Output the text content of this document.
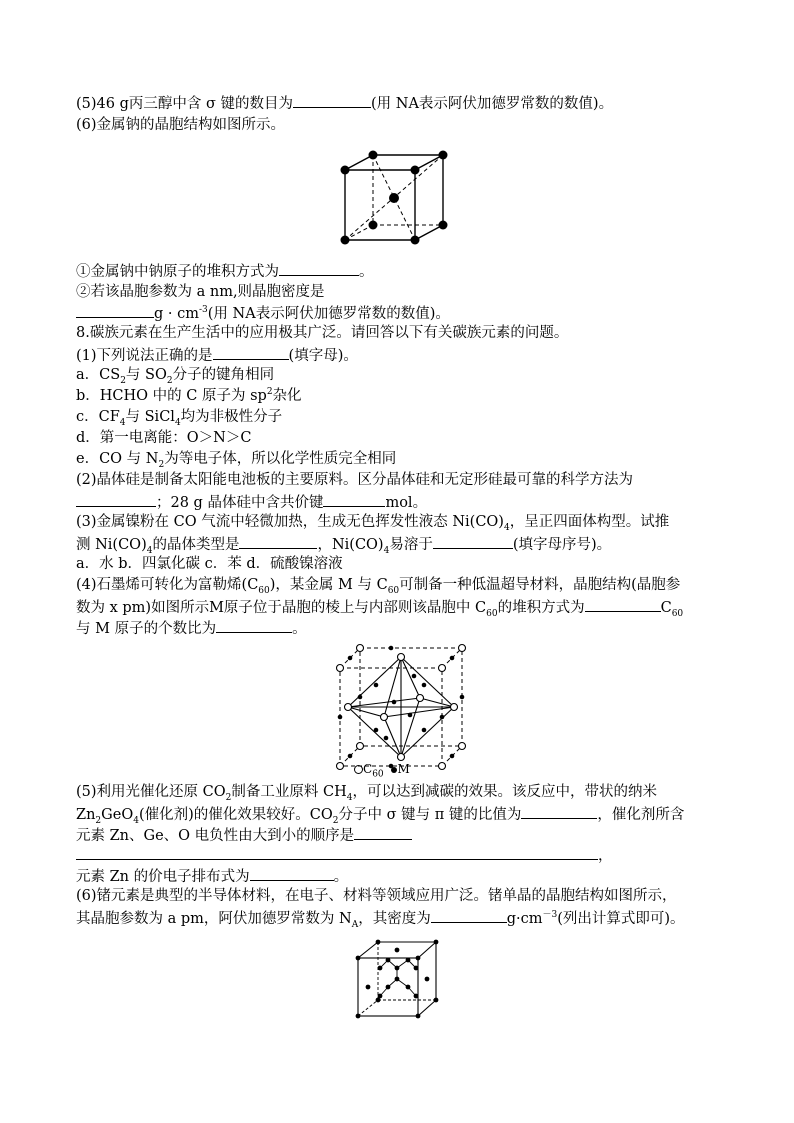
(5)46 g丙三醇中含 σ 键的数目为	(用 NA表示阿伏加德罗常数的数值)。
(6)金属钠的晶胞结构如图所示。
①金属钠中钠原子的堆积方式为	。
②若该晶胞参数为 a nm,则晶胞密度是
$g \cdot cm^{-3}$(用 NA表示阿伏加德罗常数的数值)。
8.碳族元素在生产生活中的应用极其广泛。请回答以下有关碳族元素的问题。
(1)下列说法正确的是	(填字母)。
a．$CS_2$与 $SO_2$分子的键角相同
b．HCHO 中的 C 原子为 $sp^2$杂化
c．$CF_4$与 SiCl$_4$均为非极性分子
d．第一电离能：O＞N＞C
e．CO 与 $N_2$为等电子体，所以化学性质完全相同
(2)晶体硅是制备太阳能电池板的主要原料。区分晶体硅和无定形硅最可靠的科学方法为
；28 g 晶体硅中含共价键	mol。
(3)金属镍粉在 CO 气流中轻微加热，生成无色挥发性液态 $Ni(CO)_4$，呈正四面体构型。试推
测 $Ni(CO)_4$的晶体类型是	，$Ni(CO)_4$易溶于	(填字母序号)。
a．水 b．四氯化碳 c．苯 d．硫酸镍溶液
(4)石墨烯可转化为富勒烯$(C_{60})$，某金属 M 与 $C_{60}$可制备一种低温超导材料，晶胞结构(晶胞参
数为 x pm)如图所示M原子位于晶胞的棱上与内部则该晶胞中 $C_{60}$的堆积方式为	$C_{60}$
与 M 原子的个数比为	。
$C_{60}$ M
(5)利用光催化还原 $CO_2$制备工业原料 $CH_4$，可以达到减碳的效果。该反应中，带状的纳米
$Zn_2GeO_4$(催化剂)的催化效果较好。$CO_2$分子中 σ 键与 π 键的比值为	，催化剂所含
元素 Zn、Ge、O 电负性由大到小的顺序是
，
元素 Zn 的价电子排布式为	。
(6)锗元素是典型的半导体材料，在电子、材料等领域应用广泛。锗单晶的晶胞结构如图所示，
其晶胞参数为 a pm，阿伏加德罗常数为 $N_A$，其密度为	$g\cdot cm^{-3}$(列出计算式即可)。
